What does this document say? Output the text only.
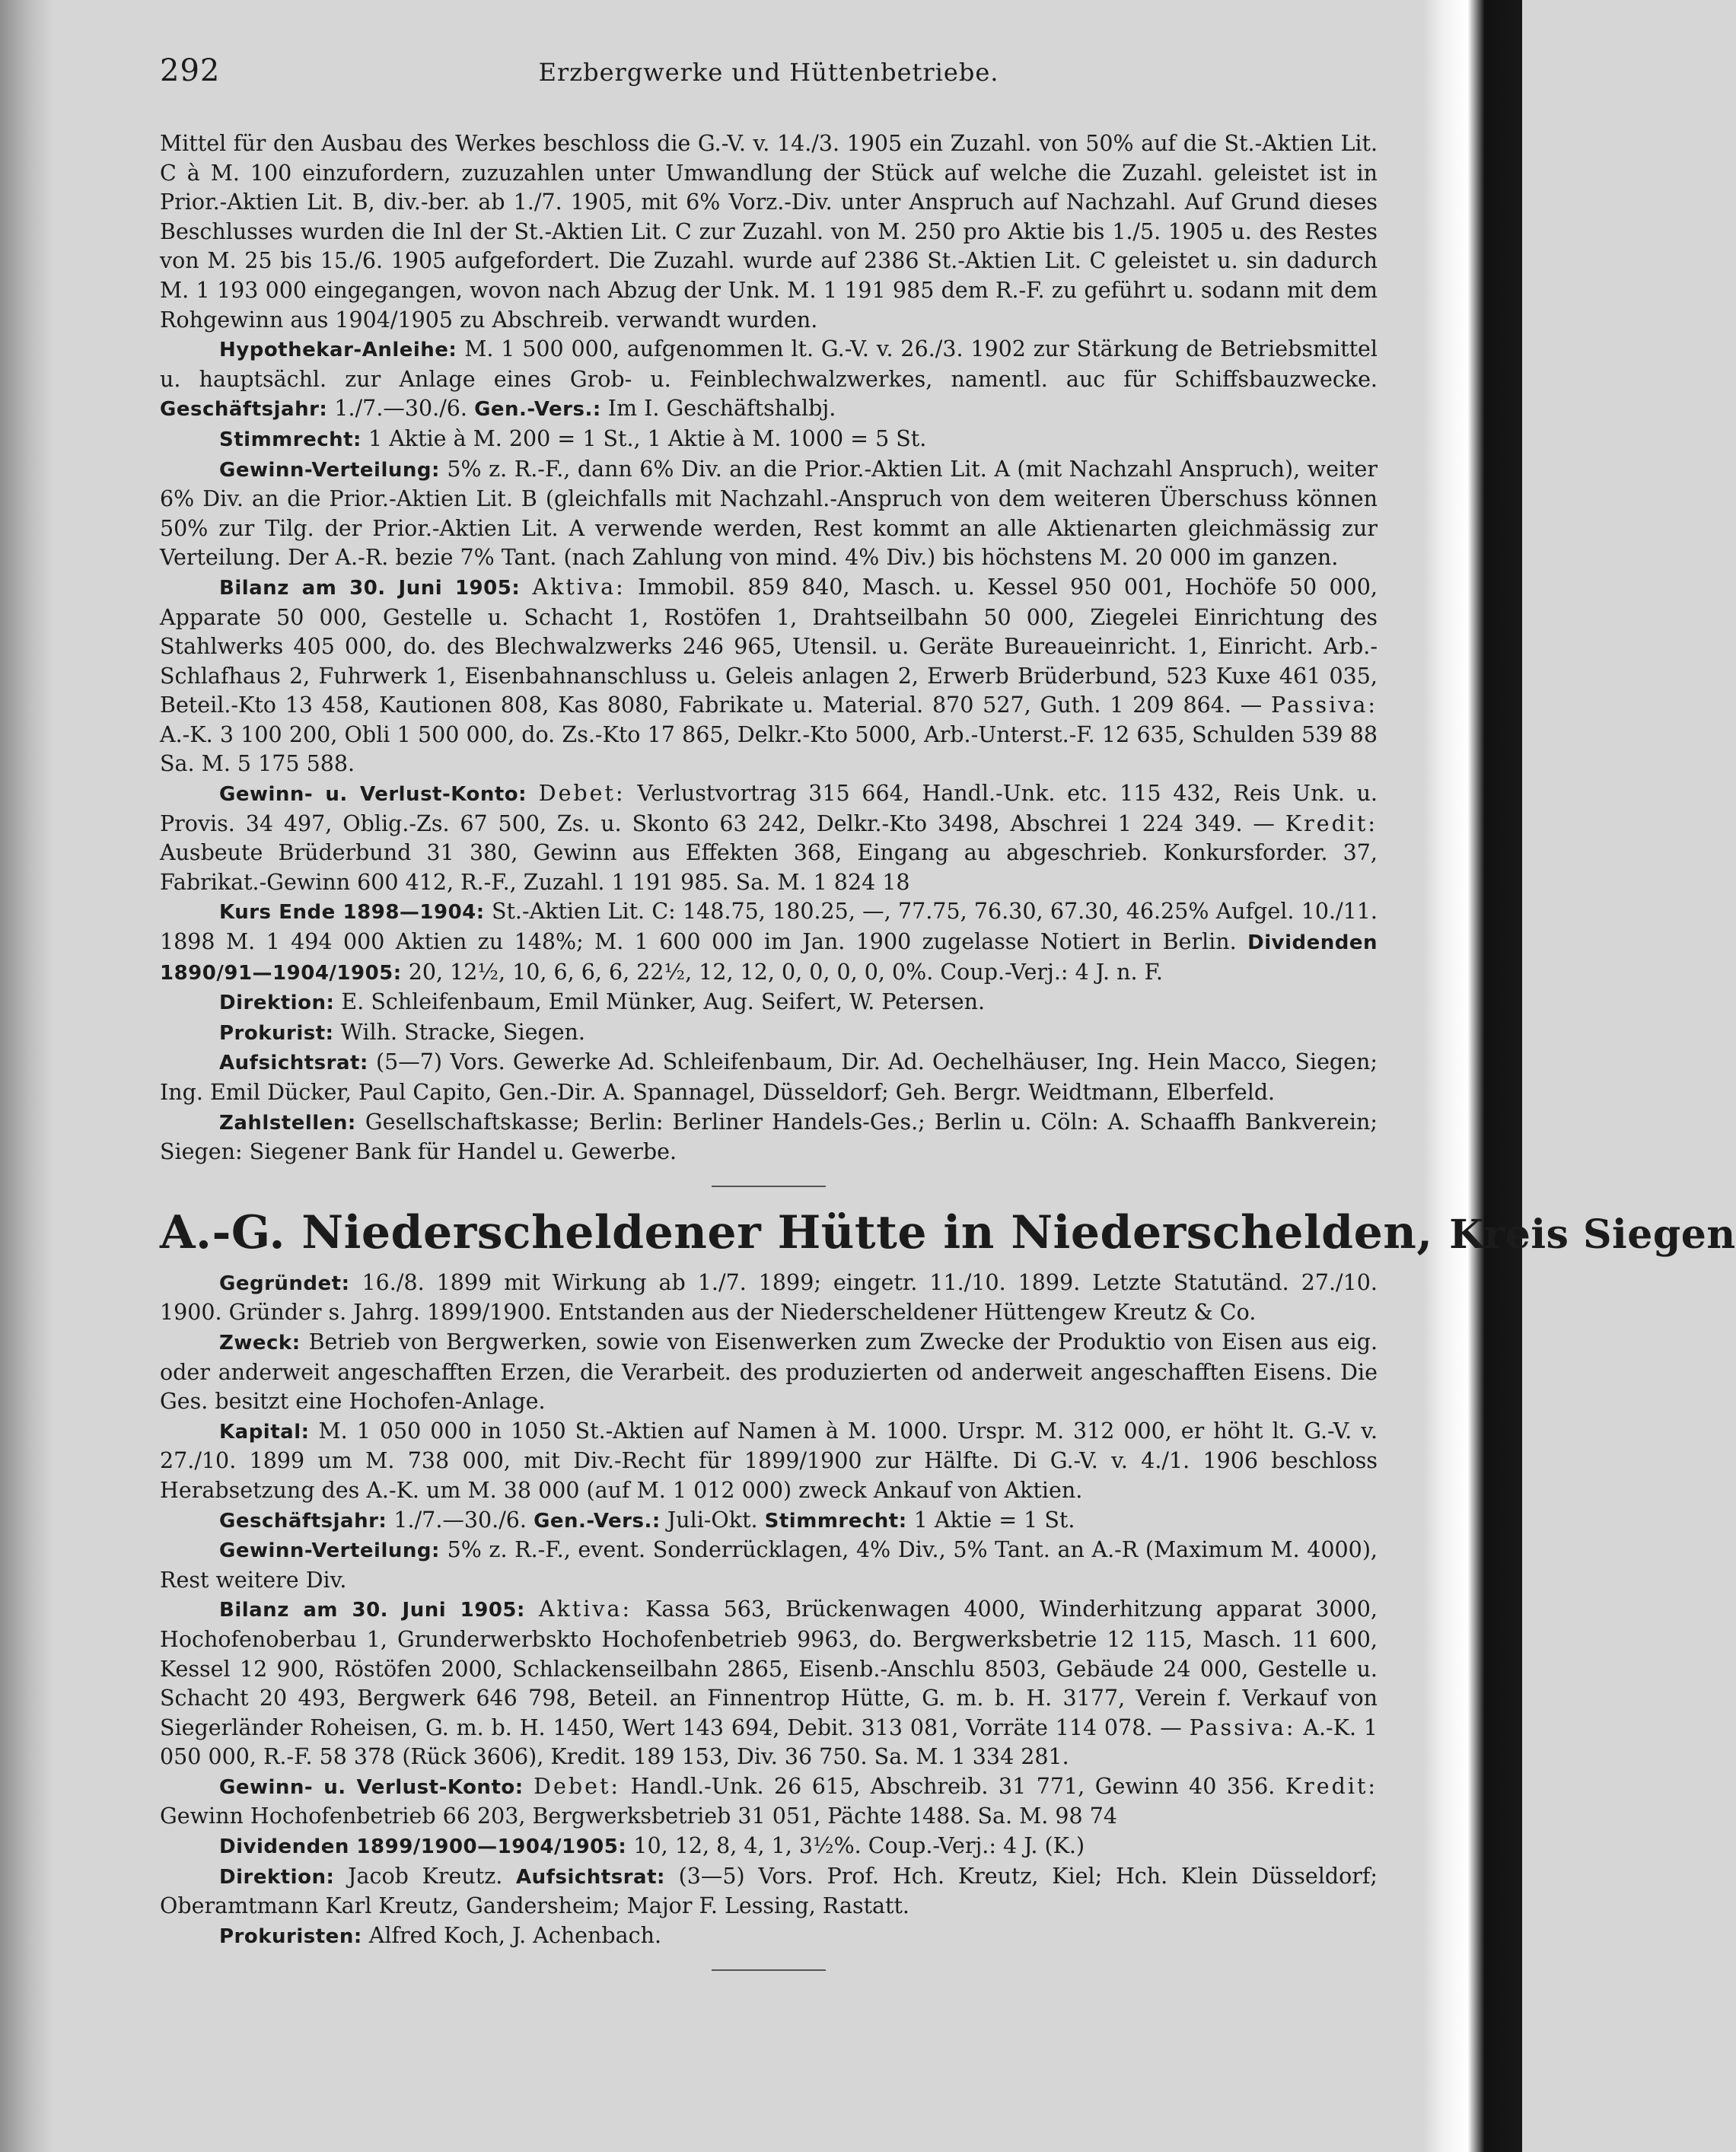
292	Erzbergwerke und Hüttenbetriebe.

Mittel für den Ausbau des Werkes beschloss die G.-V. v. 14./3. 1905 ein Zuzahl. von 50% auf die St.-Aktien Lit. C à M. 100 einzufordern, zuzuzahlen unter Umwandlung der Stück auf welche die Zuzahl. geleistet ist in Prior.-Aktien Lit. B, div.-ber. ab 1./7. 1905, mit 6% Vorz.-Div. unter Anspruch auf Nachzahl. Auf Grund dieses Beschlusses wurden die Inl der St.-Aktien Lit. C zur Zuzahl. von M. 250 pro Aktie bis 1./5. 1905 u. des Restes von M. 25 bis 15./6. 1905 aufgefordert. Die Zuzahl. wurde auf 2386 St.-Aktien Lit. C geleistet u. sin dadurch M. 1 193 000 eingegangen, wovon nach Abzug der Unk. M. 1 191 985 dem R.-F. zu geführt u. sodann mit dem Rohgewinn aus 1904/1905 zu Abschreib. verwandt wurden.

Hypothekar-Anleihe: M. 1 500 000, aufgenommen lt. G.-V. v. 26./3. 1902 zur Stärkung de Betriebsmittel u. hauptsächl. zur Anlage eines Grob- u. Feinblechwalzwerkes, namentl. auc für Schiffsbauzwecke. Geschäftsjahr: 1./7.—30./6. Gen.-Vers.: Im I. Geschäftshalbj.

Stimmrecht: 1 Aktie à M. 200 = 1 St., 1 Aktie à M. 1000 = 5 St.

Gewinn-Verteilung: 5% z. R.-F., dann 6% Div. an die Prior.-Aktien Lit. A (mit Nachzahl Anspruch), weiter 6% Div. an die Prior.-Aktien Lit. B (gleichfalls mit Nachzahl.-Anspruch von dem weiteren Überschuss können 50% zur Tilg. der Prior.-Aktien Lit. A verwende werden, Rest kommt an alle Aktienarten gleichmässig zur Verteilung. Der A.-R. bezie 7% Tant. (nach Zahlung von mind. 4% Div.) bis höchstens M. 20 000 im ganzen.

Bilanz am 30. Juni 1905: Aktiva: Immobil. 859 840, Masch. u. Kessel 950 001, Hochöfe 50 000, Apparate 50 000, Gestelle u. Schacht 1, Rostöfen 1, Drahtseilbahn 50 000, Ziegelei Einrichtung des Stahlwerks 405 000, do. des Blechwalzwerks 246 965, Utensil. u. Geräte Bureaueinricht. 1, Einricht. Arb.-Schlafhaus 2, Fuhrwerk 1, Eisenbahnanschluss u. Geleis anlagen 2, Erwerb Brüderbund, 523 Kuxe 461 035, Beteil.-Kto 13 458, Kautionen 808, Kas 8080, Fabrikate u. Material. 870 527, Guth. 1 209 864. — Passiva: A.-K. 3 100 200, Obli 1 500 000, do. Zs.-Kto 17 865, Delkr.-Kto 5000, Arb.-Unterst.-F. 12 635, Schulden 539 88 Sa. M. 5 175 588.

Gewinn- u. Verlust-Konto: Debet: Verlustvortrag 315 664, Handl.-Unk. etc. 115 432, Reis Unk. u. Provis. 34 497, Oblig.-Zs. 67 500, Zs. u. Skonto 63 242, Delkr.-Kto 3498, Abschrei 1 224 349. — Kredit: Ausbeute Brüderbund 31 380, Gewinn aus Effekten 368, Eingang au abgeschrieb. Konkursforder. 37, Fabrikat.-Gewinn 600 412, R.-F., Zuzahl. 1 191 985. Sa. M. 1 824 18

Kurs Ende 1898—1904: St.-Aktien Lit. C: 148.75, 180.25, —, 77.75, 76.30, 67.30, 46.25% Aufgel. 10./11. 1898 M. 1 494 000 Aktien zu 148%; M. 1 600 000 im Jan. 1900 zugelasse Notiert in Berlin. Dividenden 1890/91—1904/1905: 20, 12½, 10, 6, 6, 6, 22½, 12, 12, 0, 0, 0, 0, 0%. Coup.-Verj.: 4 J. n. F.

Direktion: E. Schleifenbaum, Emil Münker, Aug. Seifert, W. Petersen.

Prokurist: Wilh. Stracke, Siegen.

Aufsichtsrat: (5—7) Vors. Gewerke Ad. Schleifenbaum, Dir. Ad. Oechelhäuser, Ing. Hein Macco, Siegen; Ing. Emil Dücker, Paul Capito, Gen.-Dir. A. Spannagel, Düsseldorf; Geh. Bergr. Weidtmann, Elberfeld.

Zahlstellen: Gesellschaftskasse; Berlin: Berliner Handels-Ges.; Berlin u. Cöln: A. Schaaffh Bankverein; Siegen: Siegener Bank für Handel u. Gewerbe.

A.-G. Niederscheldener Hütte in Niederschelden, Kreis Siegen

Gegründet: 16./8. 1899 mit Wirkung ab 1./7. 1899; eingetr. 11./10. 1899. Letzte Statutänd. 27./10. 1900. Gründer s. Jahrg. 1899/1900. Entstanden aus der Niederscheldener Hüttengew Kreutz & Co.

Zweck: Betrieb von Bergwerken, sowie von Eisenwerken zum Zwecke der Produktio von Eisen aus eig. oder anderweit angeschafften Erzen, die Verarbeit. des produzierten od anderweit angeschafften Eisens. Die Ges. besitzt eine Hochofen-Anlage.

Kapital: M. 1 050 000 in 1050 St.-Aktien auf Namen à M. 1000. Urspr. M. 312 000, er höht lt. G.-V. v. 27./10. 1899 um M. 738 000, mit Div.-Recht für 1899/1900 zur Hälfte. Di G.-V. v. 4./1. 1906 beschloss Herabsetzung des A.-K. um M. 38 000 (auf M. 1 012 000) zweck Ankauf von Aktien.

Geschäftsjahr: 1./7.—30./6. Gen.-Vers.: Juli-Okt. Stimmrecht: 1 Aktie = 1 St.

Gewinn-Verteilung: 5% z. R.-F., event. Sonderrücklagen, 4% Div., 5% Tant. an A.-R (Maximum M. 4000), Rest weitere Div.

Bilanz am 30. Juni 1905: Aktiva: Kassa 563, Brückenwagen 4000, Winderhitzung apparat 3000, Hochofenoberbau 1, Grunderwerbskto Hochofenbetrieb 9963, do. Bergwerksbetrie 12 115, Masch. 11 600, Kessel 12 900, Röstöfen 2000, Schlackenseilbahn 2865, Eisenb.-Anschlu 8503, Gebäude 24 000, Gestelle u. Schacht 20 493, Bergwerk 646 798, Beteil. an Finnentrop Hütte, G. m. b. H. 3177, Verein f. Verkauf von Siegerländer Roheisen, G. m. b. H. 1450, Wert 143 694, Debit. 313 081, Vorräte 114 078. — Passiva: A.-K. 1 050 000, R.-F. 58 378 (Rück 3606), Kredit. 189 153, Div. 36 750. Sa. M. 1 334 281.

Gewinn- u. Verlust-Konto: Debet: Handl.-Unk. 26 615, Abschreib. 31 771, Gewinn 40 356. Kredit: Gewinn Hochofenbetrieb 66 203, Bergwerksbetrieb 31 051, Pächte 1488. Sa. M. 98 74

Dividenden 1899/1900—1904/1905: 10, 12, 8, 4, 1, 3½%. Coup.-Verj.: 4 J. (K.)

Direktion: Jacob Kreutz. Aufsichtsrat: (3—5) Vors. Prof. Hch. Kreutz, Kiel; Hch. Klein Düsseldorf; Oberamtmann Karl Kreutz, Gandersheim; Major F. Lessing, Rastatt.

Prokuristen: Alfred Koch, J. Achenbach.
